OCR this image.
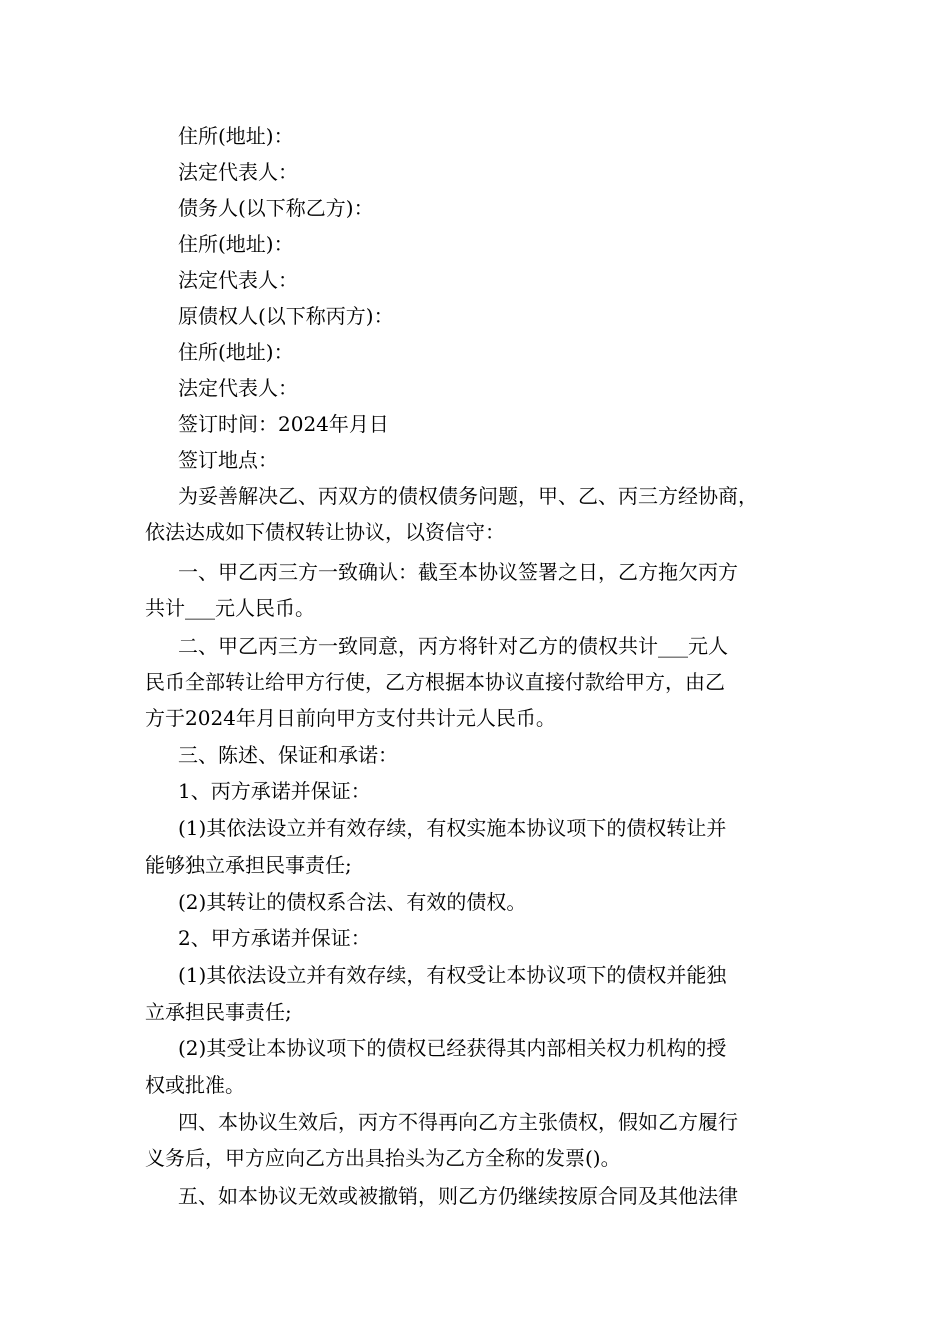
住所(地址)：
法定代表人：
债务人(以下称乙方)：
住所(地址)：
法定代表人：
原债权人(以下称丙方)：
住所(地址)：
法定代表人：
签订时间：2024年月日
签订地点：
为妥善解决乙、丙双方的债权债务问题，甲、乙、丙三方经协商，
依法达成如下债权转让协议，以资信守：
一、甲乙丙三方一致确认：截至本协议签署之日，乙方拖欠丙方
共计___元人民币。
二、甲乙丙三方一致同意，丙方将针对乙方的债权共计___元人
民币全部转让给甲方行使，乙方根据本协议直接付款给甲方，由乙
方于2024年月日前向甲方支付共计元人民币。
三、陈述、保证和承诺：
1、丙方承诺并保证：
(1)其依法设立并有效存续，有权实施本协议项下的债权转让并
能够独立承担民事责任;
(2)其转让的债权系合法、有效的债权。
2、甲方承诺并保证：
(1)其依法设立并有效存续，有权受让本协议项下的债权并能独
立承担民事责任;
(2)其受让本协议项下的债权已经获得其内部相关权力机构的授
权或批准。
四、本协议生效后，丙方不得再向乙方主张债权，假如乙方履行
义务后，甲方应向乙方出具抬头为乙方全称的发票()。
五、如本协议无效或被撤销，则乙方仍继续按原合同及其他法律
